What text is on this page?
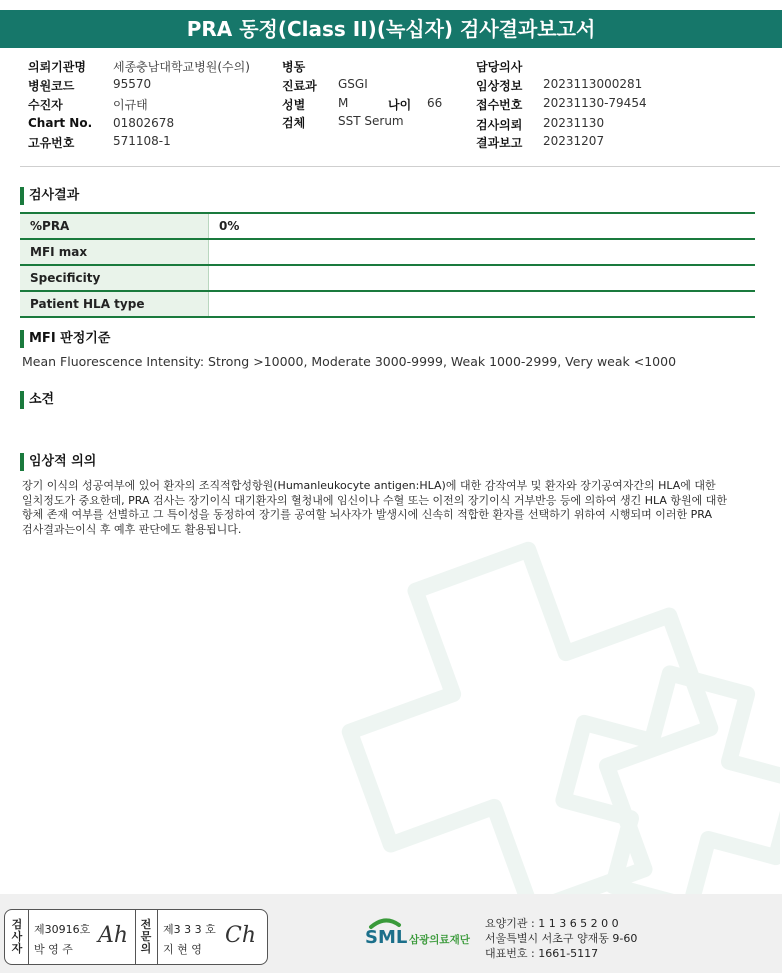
PRA 동정(Class II)(녹십자) 검사결과보고서
의뢰기관명 세종충남대학교병원(수의)
병원코드	95570
수진자	이규태
Chart No. 01802678
고유번호	571108-1
병동
진료과 GSGI
성별	M	나이 66
검체	SST Serum
담당의사
임상정보 2023113000281
접수번호 20231130-79454
검사의뢰 20231130
결과보고 20231207
검사결과
%PRA	0%
MFI max	
Specificity	
Patient HLA type	
MFI 판정기준
Mean Fluorescence Intensity: Strong >10000, Moderate 3000-9999, Weak 1000-2999, Very weak <1000
소견
임상적 의의
장기 이식의 성공여부에 있어 환자의 조직적합성항원(Humanleukocyte antigen:HLA)에 대한 감작여부 및 환자와 장기공여자간의 HLA에 대한
일치정도가 중요한데, PRA 검사는 장기이식 대기환자의 혈청내에 임신이나 수혈 또는 이전의 장기이식 거부반응 등에 의하여 생긴 HLA 항원에 대한
항체 존재 여부를 선별하고 그 특이성을 동정하여 장기를 공여할 뇌사자가 발생시에 신속히 적합한 환자를 선택하기 위하여 시행되며 이러한 PRA
검사결과는이식 후 예후 판단에도 활용됩니다.
검
사
자
제30916호
박 영 주
Ah	전
문
의
제3 3 3 호
지 현 영
Ch	SML 삼광의료재단
요양기관 : 1 1 3 6 5 2 0 0
서울특별시 서초구 양재동 9-60
대표번호 : 1661-5117
